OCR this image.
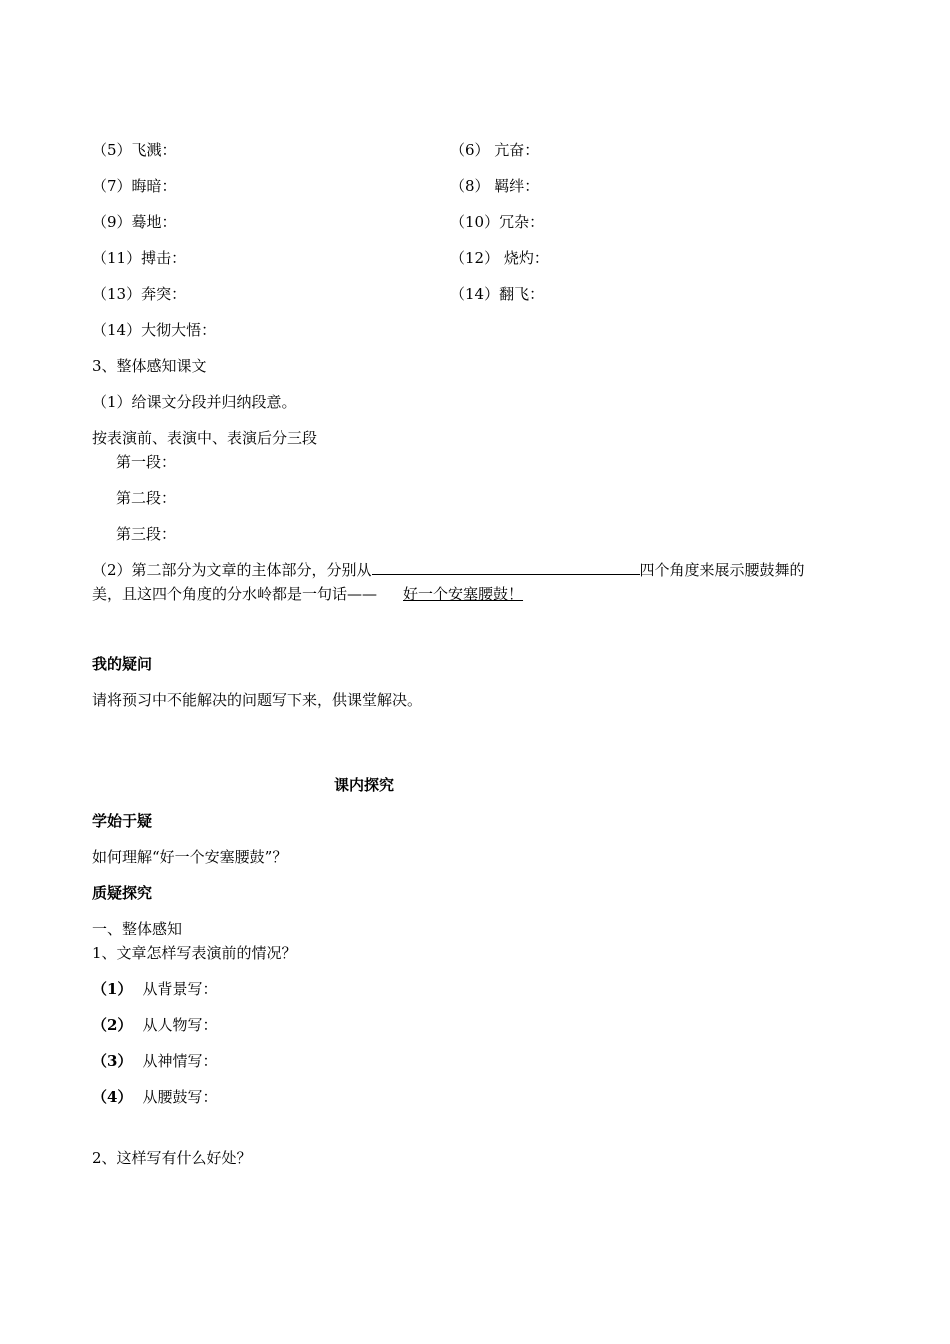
（5）飞溅：	（6） 亢奋：
（7）晦暗：	（8） 羁绊：
（9）蓦地：	（10）冗杂：
（11）搏击：	（12） 烧灼：
（13）奔突：	（14）翻飞：
（14）大彻大悟：
3、整体感知课文
（1）给课文分段并归纳段意。
按表演前、表演中、表演后分三段
第一段：
第二段：
第三段：
（2）第二部分为文章的主体部分，分别从	四个角度来展示腰鼓舞的
美，且这四个角度的分水岭都是一句话—— 好一个安塞腰鼓！
我的疑问
请将预习中不能解决的问题写下来，供课堂解决。
课内探究
学始于疑
如何理解“好一个安塞腰鼓”？
质疑探究
一、整体感知
1、文章怎样写表演前的情况？
（1） 从背景写：
（2） 从人物写：
（3） 从神情写：
（4） 从腰鼓写：
2、这样写有什么好处？
